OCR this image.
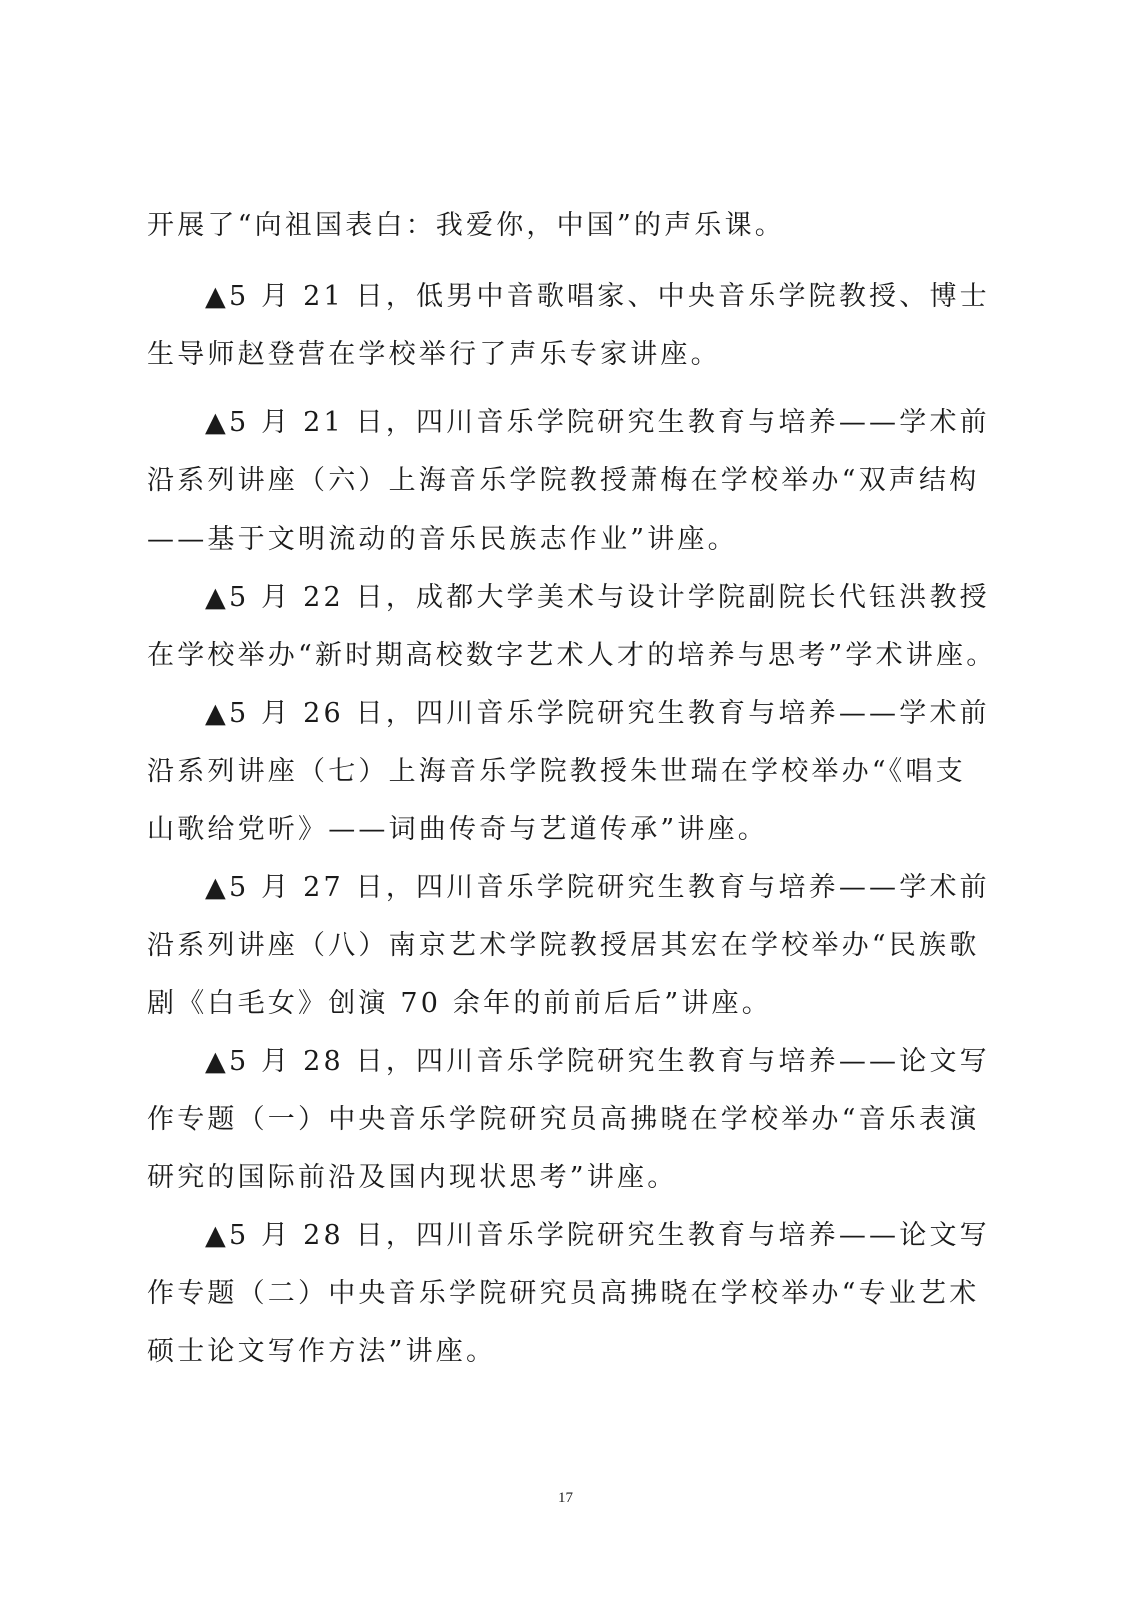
开展了“向祖国表白：我爱你，中国”的声乐课。
▲5 月 21 日，低男中音歌唱家、中央音乐学院教授、博士
生导师赵登营在学校举行了声乐专家讲座。
▲5 月 21 日，四川音乐学院研究生教育与培养——学术前
沿系列讲座（六）上海音乐学院教授萧梅在学校举办“双声结构
——基于文明流动的音乐民族志作业”讲座。
▲5 月 22 日，成都大学美术与设计学院副院长代钰洪教授
在学校举办“新时期高校数字艺术人才的培养与思考”学术讲座。
▲5 月 26 日，四川音乐学院研究生教育与培养——学术前
沿系列讲座（七）上海音乐学院教授朱世瑞在学校举办“《唱支
山歌给党听》——词曲传奇与艺道传承”讲座。
▲5 月 27 日，四川音乐学院研究生教育与培养——学术前
沿系列讲座（八）南京艺术学院教授居其宏在学校举办“民族歌
剧《白毛女》创演 70 余年的前前后后”讲座。
▲5 月 28 日，四川音乐学院研究生教育与培养——论文写
作专题（一）中央音乐学院研究员高拂晓在学校举办“音乐表演
研究的国际前沿及国内现状思考”讲座。
▲5 月 28 日，四川音乐学院研究生教育与培养——论文写
作专题（二）中央音乐学院研究员高拂晓在学校举办“专业艺术
硕士论文写作方法”讲座。
17
